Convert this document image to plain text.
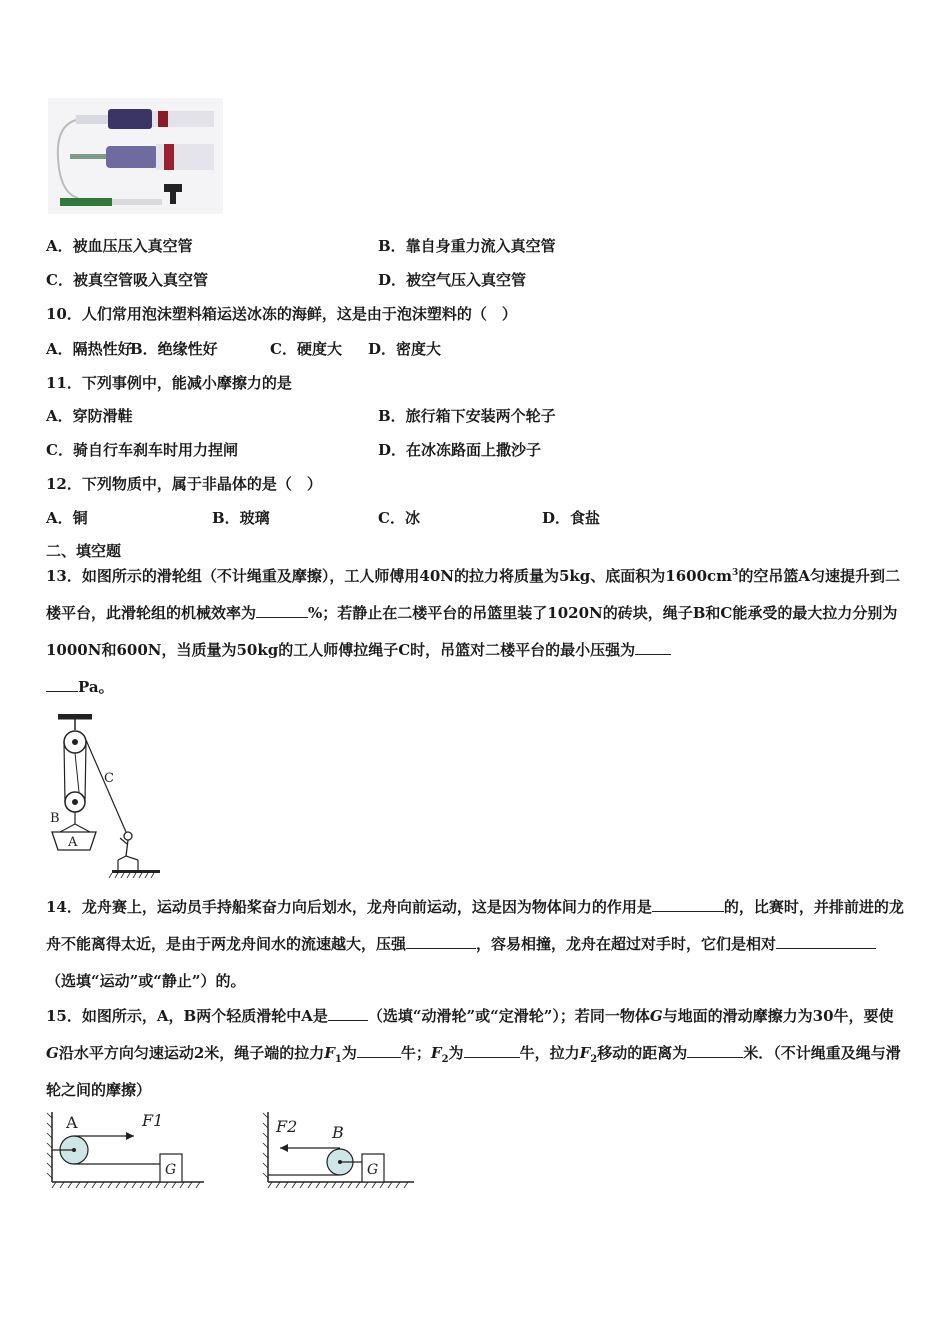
A．被血压压入真空管	B．靠自身重力流入真空管
C．被真空管吸入真空管	D．被空气压入真空管
10．人们常用泡沫塑料箱运送冰冻的海鲜，这是由于泡沫塑料的（　）
A．隔热性好
B．绝缘性好	C．硬度大 D．密度大
11．下列事例中，能减小摩擦力的是
A．穿防滑鞋	B．旅行箱下安装两个轮子
C．骑自行车刹车时用力捏闸	D．在冰冻路面上撒沙子
12．下列物质中，属于非晶体的是（　）
A．铜	B．玻璃	C．冰	D．食盐
二、填空题
13．如图所示的滑轮组（不计绳重及摩擦），工人师傅用40N的拉力将质量为5kg、底面积为$1600cm^3$的空吊篮A匀速提升到二楼平台，此滑轮组的机械效率为	%；若静止在二楼平台的吊篮里装了1020N的砖块，绳子B和C能承受的最大拉力分别为1000N和600N，当质量为50kg的工人师傅拉绳子C时，吊篮对二楼平台的最小压强为
Pa。
C
B
A
14．龙舟赛上，运动员手持船桨奋力向后划水，龙舟向前运动，这是因为物体间力的作用是	的，比赛时，并排前进的龙舟不能离得太近，是由于两龙舟间水的流速越大，压强	，容易相撞，龙舟在超过对手时，它们是相对（选填“运动”或“静止”）的。
15．如图所示，A，B两个轻质滑轮中A是	（选填“动滑轮”或“定滑轮”）；若同一物体G与地面的滑动摩擦力为30牛，要使G沿水平方向匀速运动2米，绳子端的拉力$F_1$为	牛；$F_2$为	牛，拉力$F_2$移动的距离为	米．（不计绳重及绳与滑轮之间的摩擦）
G
A	F1
G
B
F2
